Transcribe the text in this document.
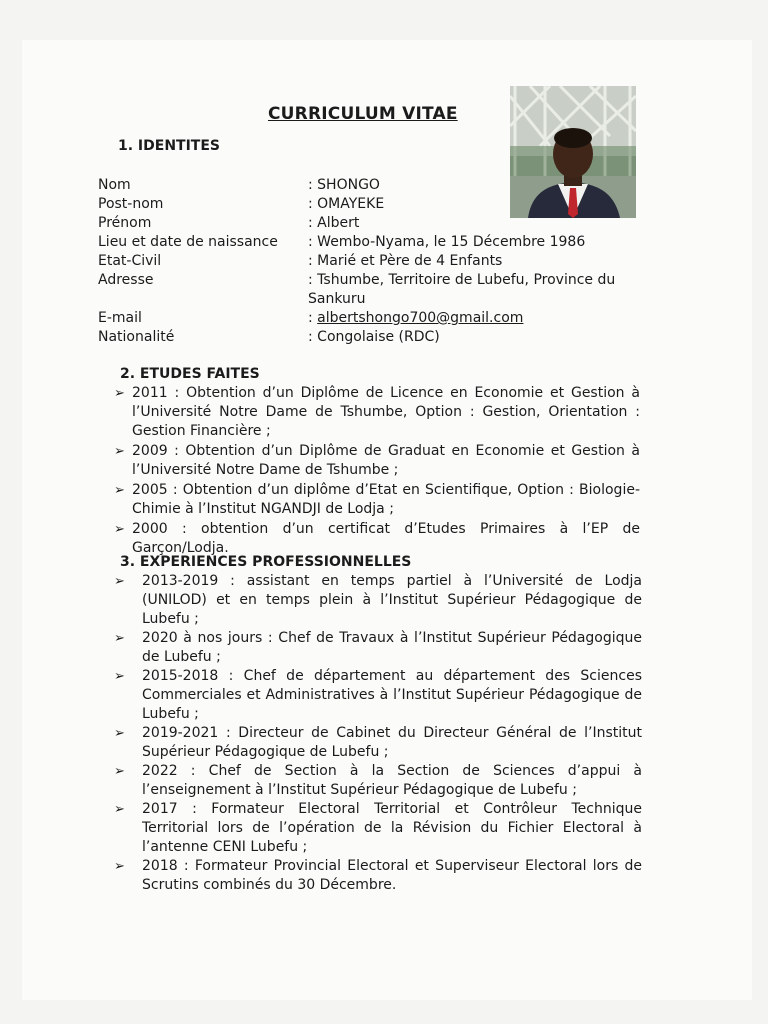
CURRICULUM VITAE
1. IDENTITES
Nom	: SHONGO
Post-nom	: OMAYEKE
Prénom	: Albert
Lieu et date de naissance	: Wembo-Nyama, le 15 Décembre 1986
Etat-Civil	: Marié et Père de 4 Enfants
Adresse	: Tshumbe, Territoire de Lubefu, Province du Sankuru
E-mail	: albertshongo700@gmail.com
Nationalité	: Congolaise (RDC)
2. ETUDES FAITES
➢ 2011 : Obtention d’un Diplôme de Licence en Economie et Gestion à l’Université Notre Dame de Tshumbe, Option : Gestion, Orientation : Gestion Financière ;
➢ 2009 : Obtention d’un Diplôme de Graduat en Economie et Gestion à l’Université Notre Dame de Tshumbe ;
➢ 2005 : Obtention d’un diplôme d’Etat en Scientifique, Option : Biologie-Chimie à l’Institut NGANDJI de Lodja ;
➢ 2000 : obtention d’un certificat d’Etudes Primaires à l’EP de Garçon/Lodja.
3. EXPERIENCES PROFESSIONNELLES
➢ 2013-2019 : assistant en temps partiel à l’Université de Lodja (UNILOD) et en temps plein à l’Institut Supérieur Pédagogique de Lubefu ;
➢ 2020 à nos jours : Chef de Travaux à l’Institut Supérieur Pédagogique de Lubefu ;
➢ 2015-2018 : Chef de département au département des Sciences Commerciales et Administratives à l’Institut Supérieur Pédagogique de Lubefu ;
➢ 2019-2021 : Directeur de Cabinet du Directeur Général de l’Institut Supérieur Pédagogique de Lubefu ;
➢ 2022 : Chef de Section à la Section de Sciences d’appui à l’enseignement à l’Institut Supérieur Pédagogique de Lubefu ;
➢ 2017 : Formateur Electoral Territorial et Contrôleur Technique Territorial lors de l’opération de la Révision du Fichier Electoral à l’antenne CENI Lubefu ;
➢ 2018 : Formateur Provincial Electoral et Superviseur Electoral lors de Scrutins combinés du 30 Décembre.
